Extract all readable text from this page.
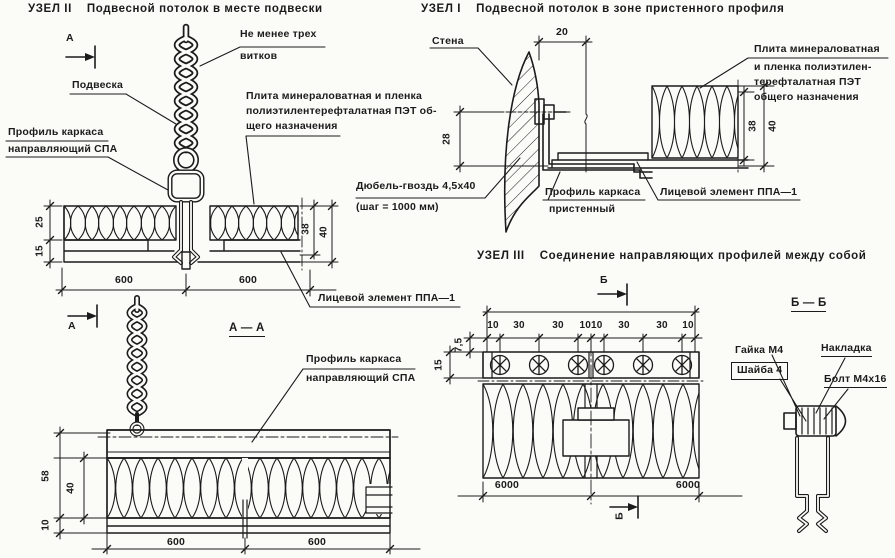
УЗЕЛ II Подвесной потолок в месте подвески	УЗЕЛ I Подвесной потолок в зоне пристенного профиля
УЗЕЛ III Соединение направляющих профилей между собой
Не менее трех
витков
Подвеска
Профиль каркаса
направляющий СПА
Плита минераловатная и пленка
полиэтилентерефталатная ПЭТ об-
щего назначения
Лицевой элемент ППА—1
А
А
25
15
38 40
600	600
Стена
Плита минераловатная
и пленка полиэтилен-
терефталатная ПЭТ
общего назначения
Дюбель-гвоздь 4,5x40
(шаг = 1000 мм)
Профиль каркаса
пристенный
Лицевой элемент ППА—1
20
28
38 40
Б
Б
10 30	30 1010 30	30 10
7,5
15
6000	6000
А — А
Профиль каркаса
направляющий СПА
58
40
10
600	600
Б — Б
Гайка М4
Шайба 4
Накладка
Болт М4х16
